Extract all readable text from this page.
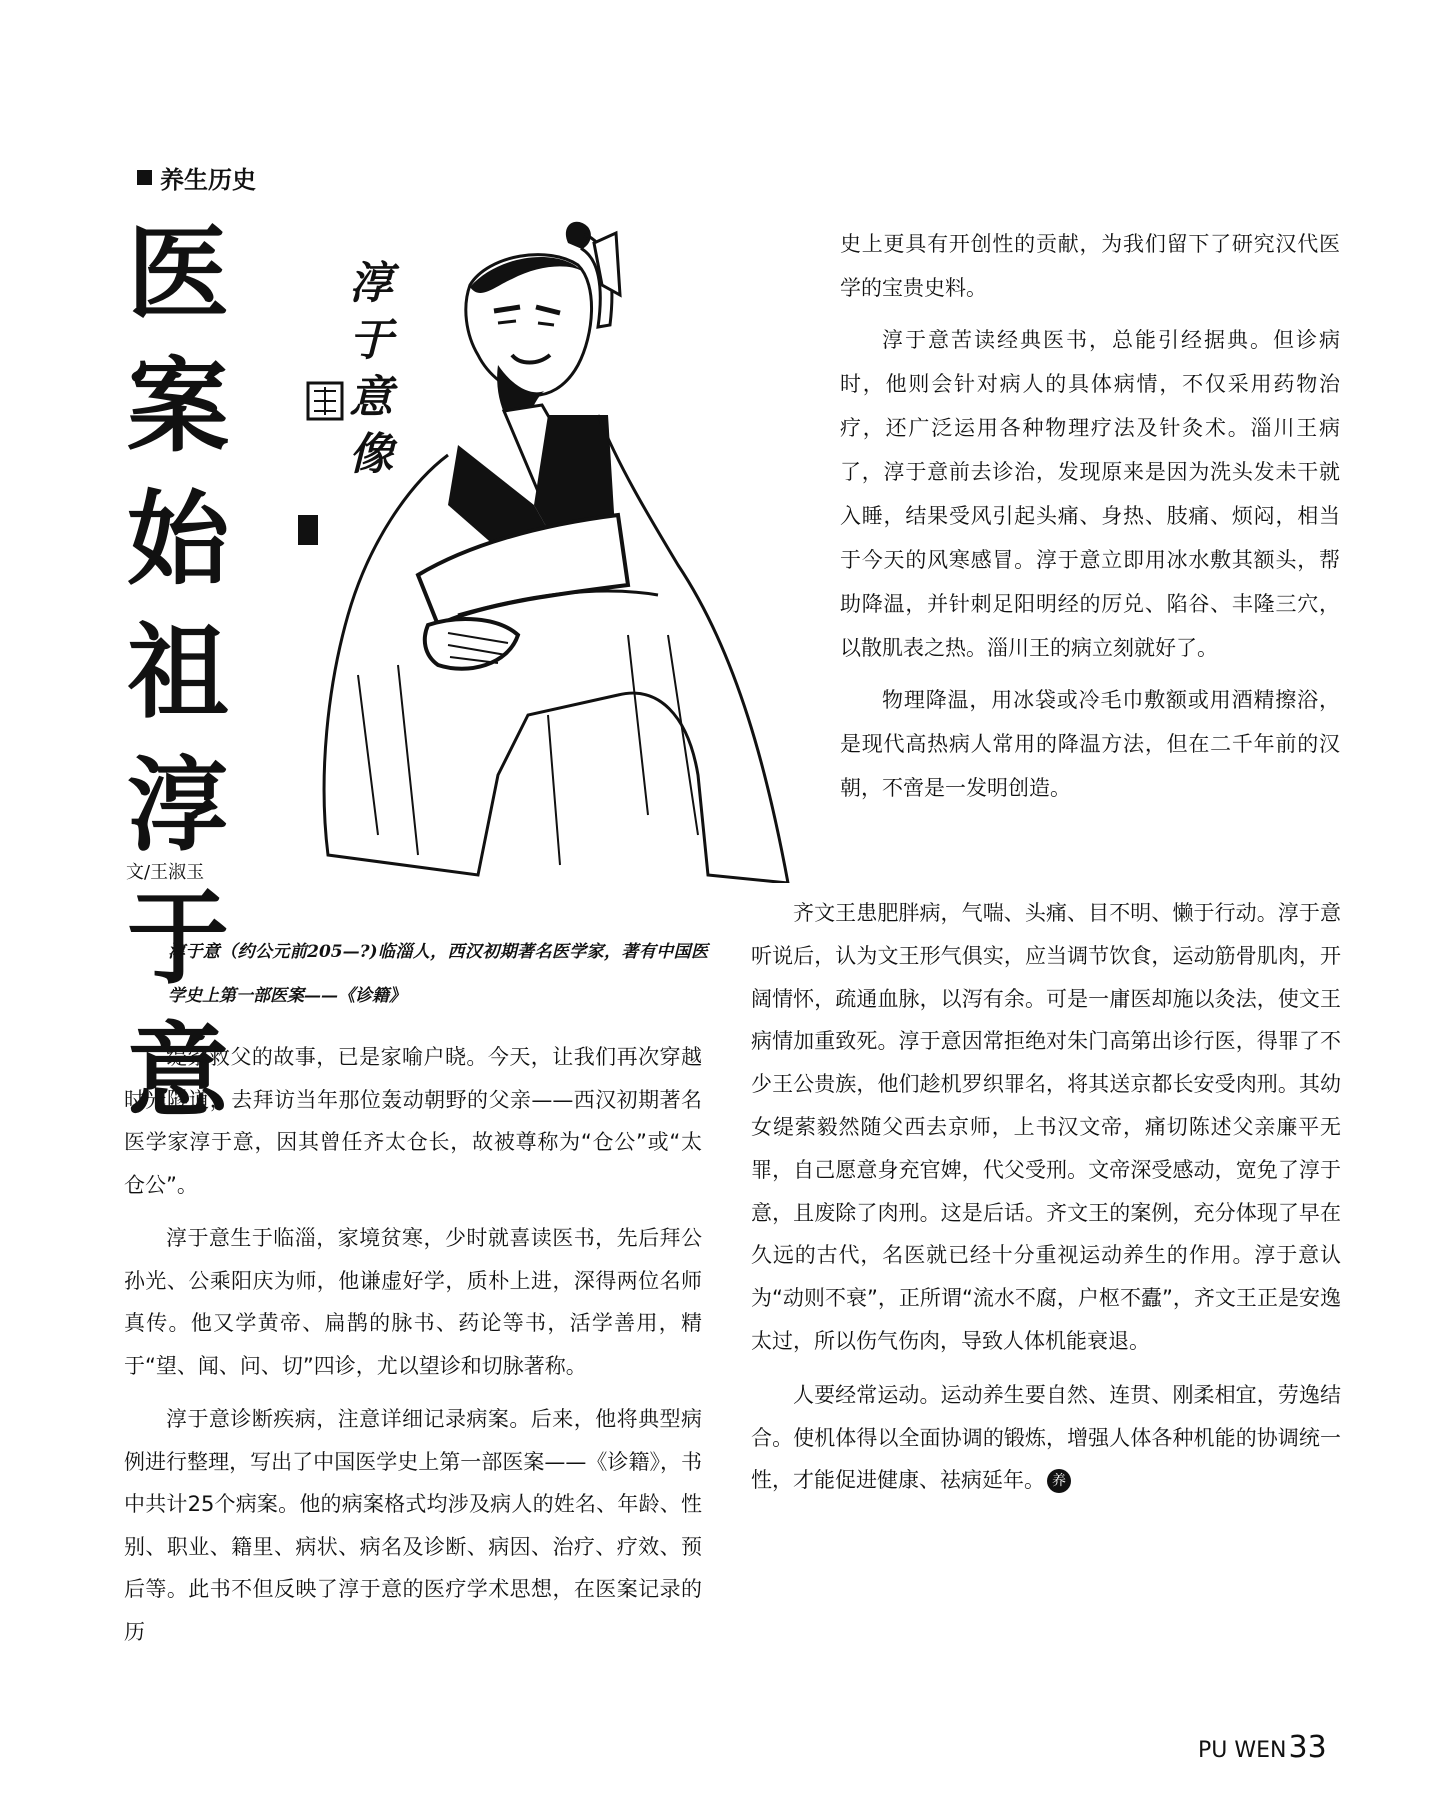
养生历史
医
案
始
祖
淳
于
意
文/王淑玉
淳
于
意
像
淳于意（约公元前205—?)临淄人，西汉初期著名医学家，著有中国医学史上第一部医案——《诊籍》

缇萦救父的故事，已是家喻户晓。今天，让我们再次穿越时光隧道，去拜访当年那位轰动朝野的父亲——西汉初期著名医学家淳于意，因其曾任齐太仓长，故被尊称为“仓公”或“太仓公”。

淳于意生于临淄，家境贫寒，少时就喜读医书，先后拜公孙光、公乘阳庆为师，他谦虚好学，质朴上进，深得两位名师真传。他又学黄帝、扁鹊的脉书、药论等书，活学善用，精于“望、闻、问、切”四诊，尤以望诊和切脉著称。

淳于意诊断疾病，注意详细记录病案。后来，他将典型病例进行整理，写出了中国医学史上第一部医案——《诊籍》，书中共计25个病案。他的病案格式均涉及病人的姓名、年龄、性别、职业、籍里、病状、病名及诊断、病因、治疗、疗效、预后等。此书不但反映了淳于意的医疗学术思想，在医案记录的历

史上更具有开创性的贡献，为我们留下了研究汉代医学的宝贵史料。

淳于意苦读经典医书，总能引经据典。但诊病时，他则会针对病人的具体病情，不仅采用药物治疗，还广泛运用各种物理疗法及针灸术。淄川王病了，淳于意前去诊治，发现原来是因为洗头发未干就入睡，结果受风引起头痛、身热、肢痛、烦闷，相当于今天的风寒感冒。淳于意立即用冰水敷其额头，帮助降温，并针刺足阳明经的厉兑、陷谷、丰隆三穴，以散肌表之热。淄川王的病立刻就好了。

物理降温，用冰袋或冷毛巾敷额或用酒精擦浴，是现代高热病人常用的降温方法，但在二千年前的汉朝，不啻是一发明创造。

齐文王患肥胖病，气喘、头痛、目不明、懒于行动。淳于意听说后，认为文王形气俱实，应当调节饮食，运动筋骨肌肉，开阔情怀，疏通血脉，以泻有余。可是一庸医却施以灸法，使文王病情加重致死。淳于意因常拒绝对朱门高第出诊行医，得罪了不少王公贵族，他们趁机罗织罪名，将其送京都长安受肉刑。其幼女缇萦毅然随父西去京师，上书汉文帝，痛切陈述父亲廉平无罪，自己愿意身充官婢，代父受刑。文帝深受感动，宽免了淳于意，且废除了肉刑。这是后话。齐文王的案例，充分体现了早在久远的古代，名医就已经十分重视运动养生的作用。淳于意认为“动则不衰”，正所谓“流水不腐，户枢不蠹”，齐文王正是安逸太过，所以伤气伤肉，导致人体机能衰退。

人要经常运动。运动养生要自然、连贯、刚柔相宜，劳逸结合。使机体得以全面协调的锻炼，增强人体各种机能的协调统一性，才能促进健康、祛病延年。 养

PU WEN 33
